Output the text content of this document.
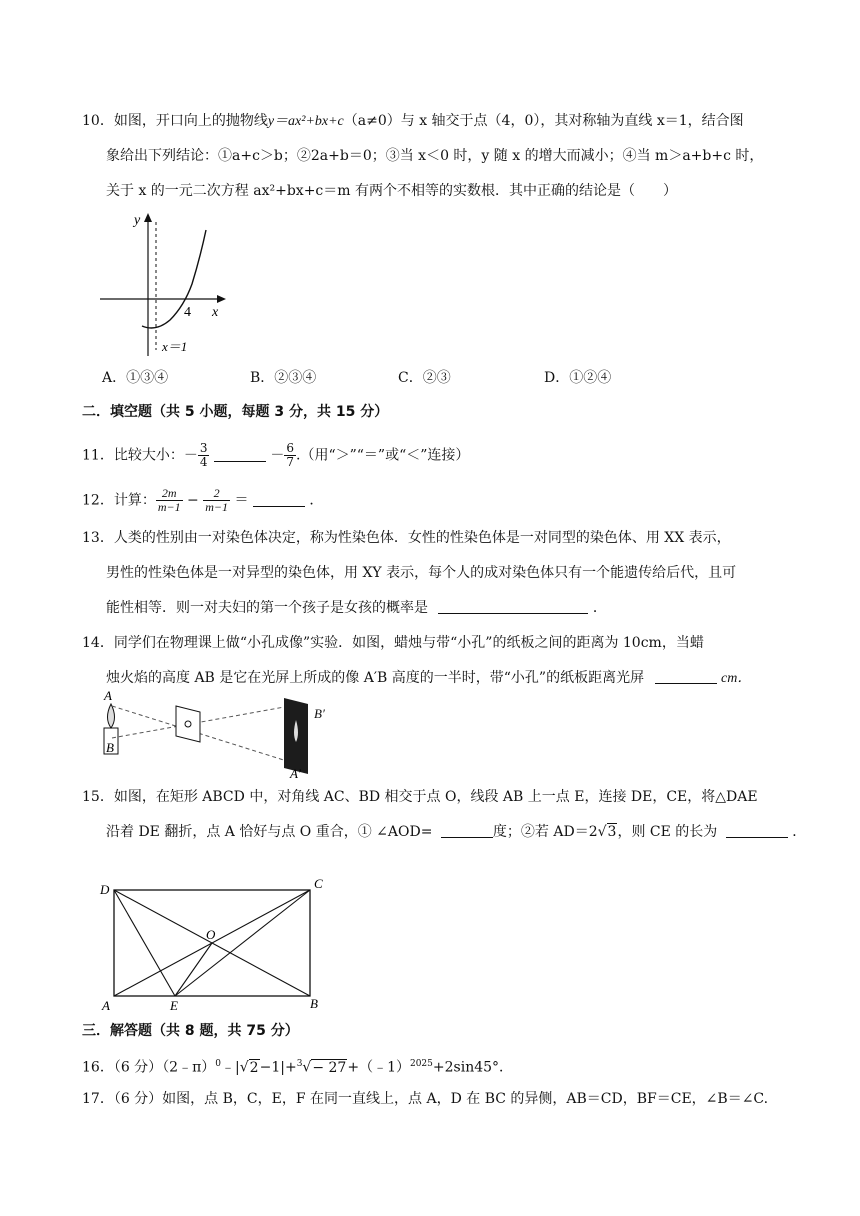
10．如图，开口向上的抛物线y＝ax²+bx+c（a≠0）与 x 轴交于点（4，0），其对称轴为直线 x＝1，结合图
象给出下列结论：①a+c＞b；②2a+b＝0；③当 x＜0 时，y 随 x 的增大而减小；④当 m＞a+b+c 时，
关于 x 的一元二次方程 ax²+bx+c＝m 有两个不相等的实数根．其中正确的结论是（　　）
y
x
4
x＝1
A．①③④	B．②③④	C．②③	D．①②④
二．填空题（共 5 小题，每题 3 分，共 15 分）
11．比较大小：－ $\frac{3}{4}$	－ $\frac{6}{7}$ .（用“＞”“＝”或“＜”连接）
12．计算： $\frac{2m}{m-1} - \frac{2}{m-1}$ ＝	．
13．人类的性别由一对染色体决定，称为性染色体．女性的性染色体是一对同型的染色体、用 XX 表示，
男性的性染色体是一对异型的染色体，用 XY 表示，每个人的成对染色体只有一个能遗传给后代，且可
能性相等．则一对夫妇的第一个孩子是女孩的概率是	．
14．同学们在物理课上做“小孔成像”实验．如图，蜡烛与带“小孔”的纸板之间的距离为 10cm，当蜡
烛火焰的高度 AB 是它在光屏上所成的像 A′B 高度的一半时，带“小孔”的纸板距离光屏	cm．
A
B
B′
A′
15．如图，在矩形 ABCD 中，对角线 AC、BD 相交于点 O，线段 AB 上一点 E，连接 DE，CE，将△DAE
沿着 DE 翻折，点 A 恰好与点 O 重合，① ∠AOD=	度；②若 AD＝2√3，则 CE 的长为	．
D	C
O
A	E	B
三．解答题（共 8 题，共 75 分）
16．（6 分）（2﹣π）$^0$﹣|√2−1|+$^3$√− 27+（﹣1）$^{2025}$+2sin45°．
17．（6 分）如图，点 B，C，E，F 在同一直线上，点 A，D 在 BC 的异侧，AB＝CD，BF＝CE，∠B＝∠C.
